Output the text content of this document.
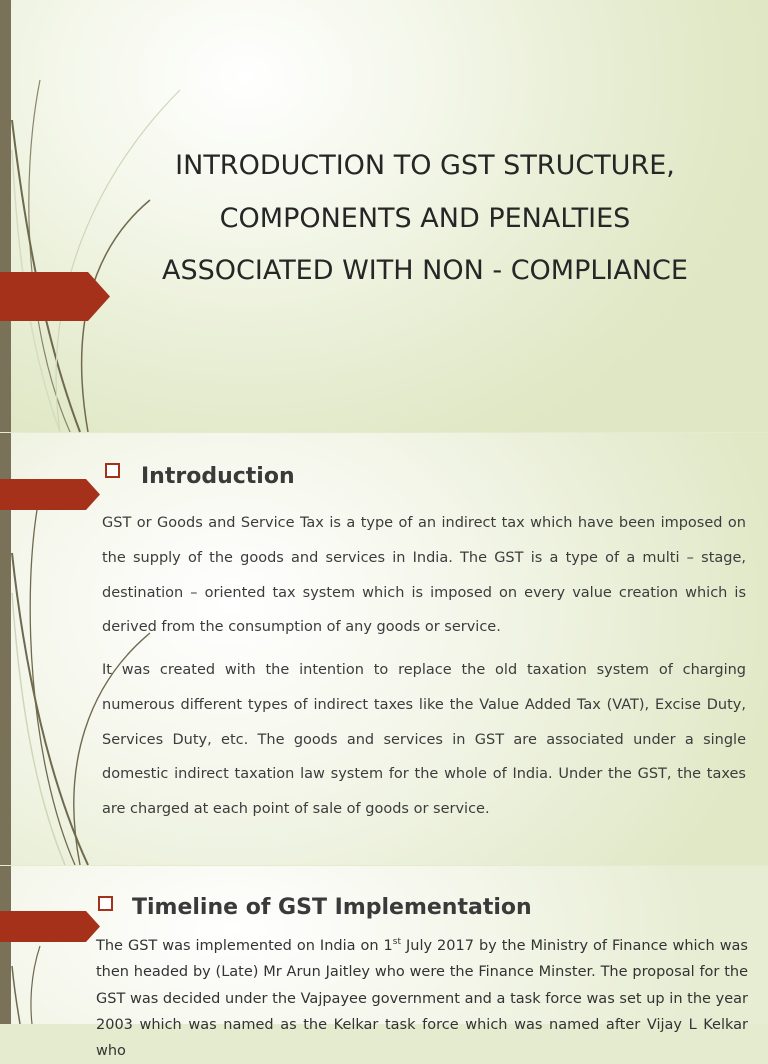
INTRODUCTION TO GST STRUCTURE,
COMPONENTS AND PENALTIES
ASSOCIATED WITH NON - COMPLIANCE
Introduction

GST or Goods and Service Tax is a type of an indirect tax which have been imposed on the supply of the goods and services in India. The GST is a type of a multi – stage, destination – oriented tax system which is imposed on every value creation which is derived from the consumption of any goods or service.

It was created with the intention to replace the old taxation system of charging numerous different types of indirect taxes like the Value Added Tax (VAT), Excise Duty, Services Duty, etc. The goods and services in GST are associated under a single domestic indirect taxation law system for the whole of India. Under the GST, the taxes are charged at each point of sale of goods or service.

Timeline of GST Implementation

The GST was implemented on India on 1st July 2017 by the Ministry of Finance which was then headed by (Late) Mr Arun Jaitley who were the Finance Minster. The proposal for the GST was decided under the Vajpayee government and a task force was set up in the year 2003 which was named as the Kelkar task force which was named after Vijay L Kelkar who
